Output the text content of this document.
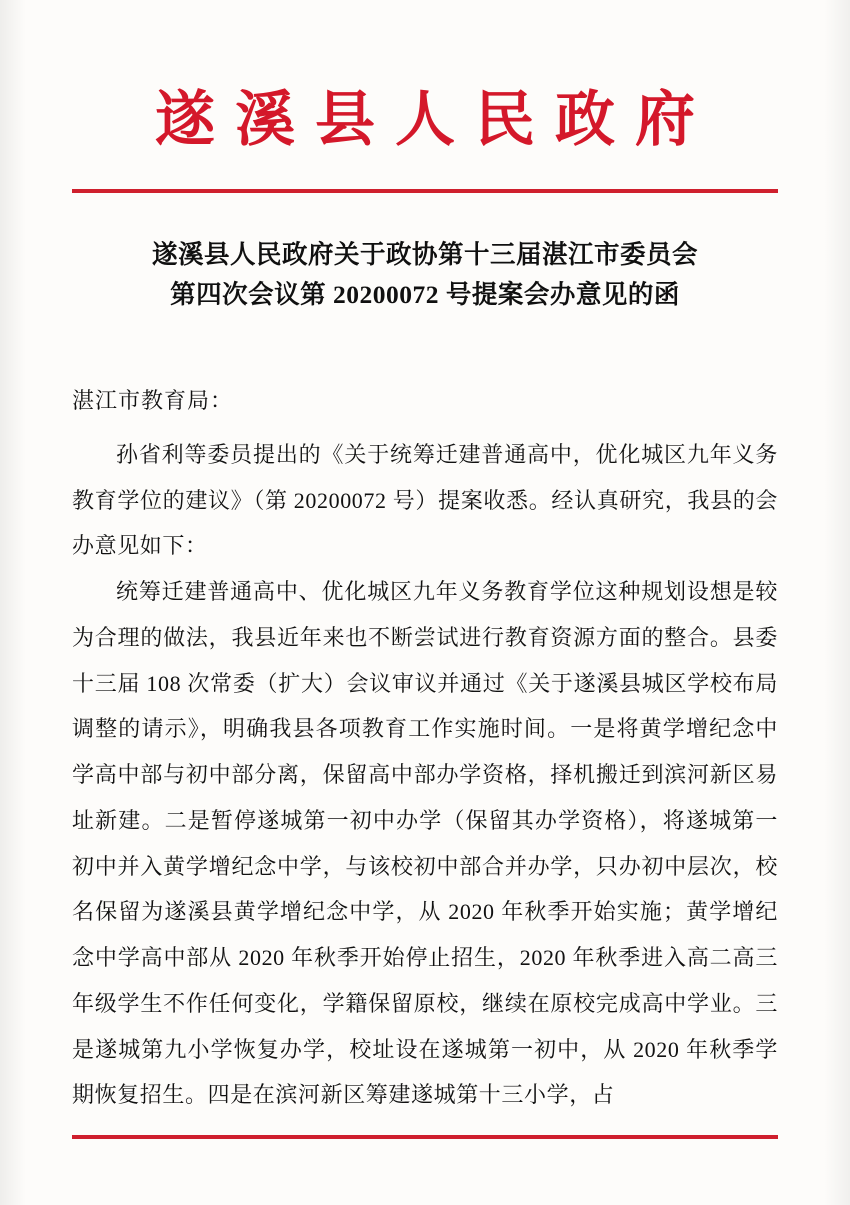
遂溪县人民政府
遂溪县人民政府关于政协第十三届湛江市委员会
第四次会议第 20200072 号提案会办意见的函
湛江市教育局：

孙省利等委员提出的《关于统筹迁建普通高中，优化城区九年义务教育学位的建议》（第 20200072 号）提案收悉。经认真研究，我县的会办意见如下：

统筹迁建普通高中、优化城区九年义务教育学位这种规划设想是较为合理的做法，我县近年来也不断尝试进行教育资源方面的整合。县委十三届 108 次常委（扩大）会议审议并通过《关于遂溪县城区学校布局调整的请示》，明确我县各项教育工作实施时间。一是将黄学增纪念中学高中部与初中部分离，保留高中部办学资格，择机搬迁到滨河新区易址新建。二是暂停遂城第一初中办学（保留其办学资格），将遂城第一初中并入黄学增纪念中学，与该校初中部合并办学，只办初中层次，校名保留为遂溪县黄学增纪念中学，从 2020 年秋季开始实施；黄学增纪念中学高中部从 2020 年秋季开始停止招生，2020 年秋季进入高二高三年级学生不作任何变化，学籍保留原校，继续在原校完成高中学业。三是遂城第九小学恢复办学，校址设在遂城第一初中，从 2020 年秋季学期恢复招生。四是在滨河新区筹建遂城第十三小学，占
